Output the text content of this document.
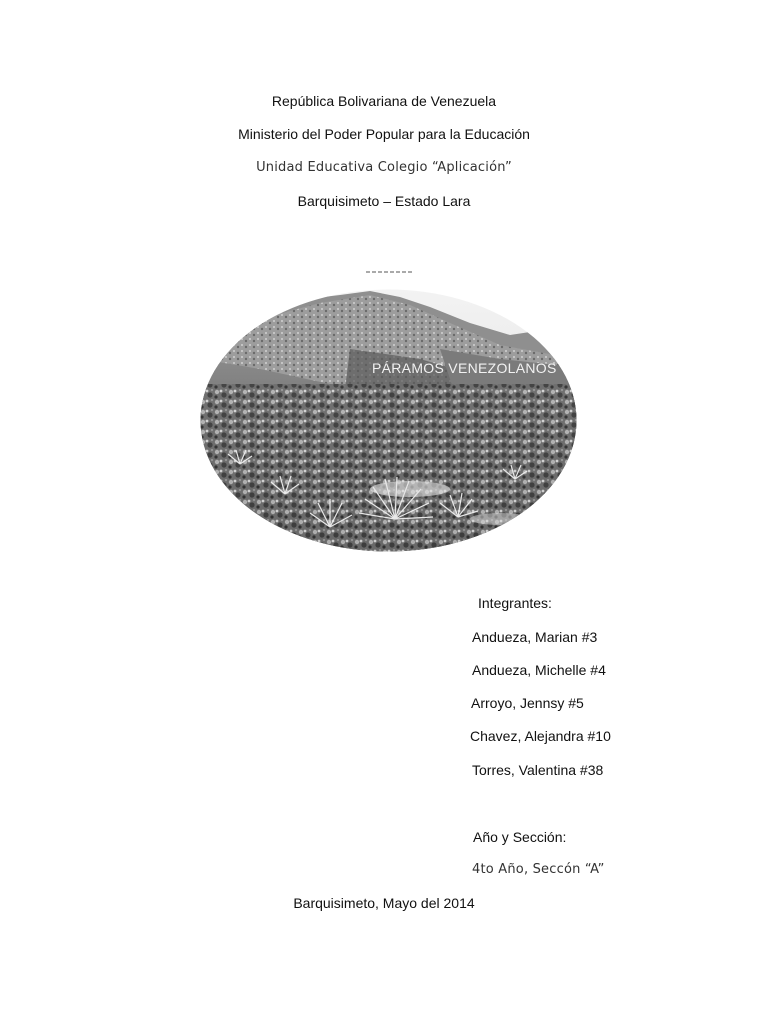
República Bolivariana de Venezuela
Ministerio del Poder Popular para la Educación
Unidad Educativa Colegio “Aplicación”
Barquisimeto – Estado Lara
PÁRAMOS VENEZOLANOS
Integrantes:
Andueza, Marian #3
Andueza, Michelle #4
Arroyo, Jennsy #5
Chavez, Alejandra #10
Torres, Valentina #38
Año y Sección:
4to Año, Seccón “A”
Barquisimeto, Mayo del 2014
